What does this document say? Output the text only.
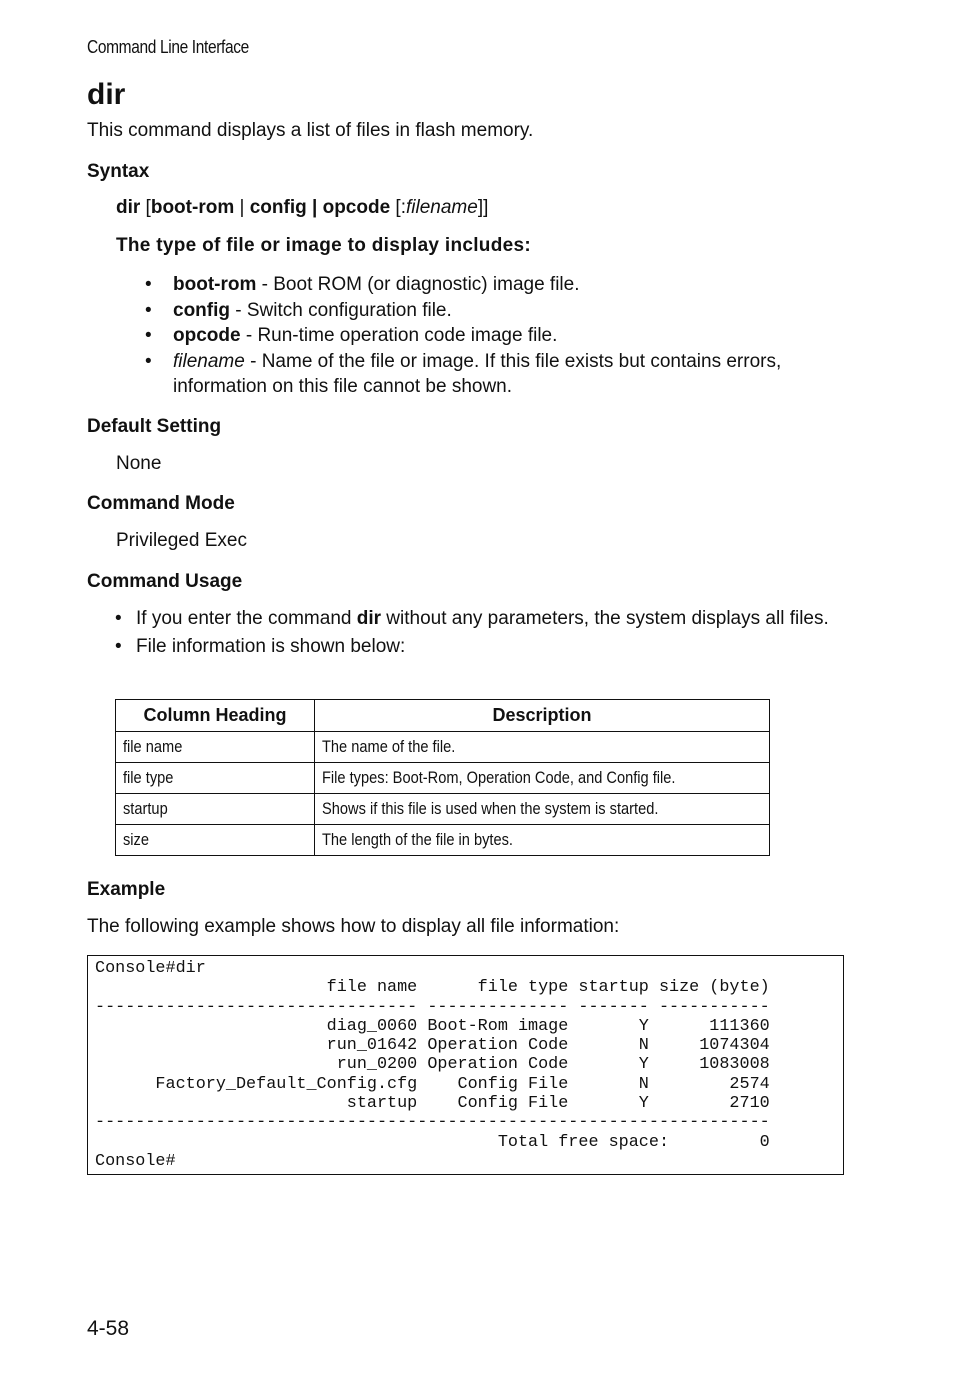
Command Line Interface
dir
This command displays a list of files in flash memory.
Syntax
dir [boot-rom | config | opcode [:filename]]
The type of file or image to display includes:
•	boot-rom - Boot ROM (or diagnostic) image file.
•	config - Switch configuration file.
•	opcode - Run-time operation code image file.
•	filename - Name of the file or image. If this file exists but contains errors, information on this file cannot be shown.
Default Setting
None
Command Mode
Privileged Exec
Command Usage
• If you enter the command dir without any parameters, the system displays all files.
• File information is shown below:
Column Heading	Description
file name	The name of the file.
file type	File types: Boot-Rom, Operation Code, and Config file.
startup	Shows if this file is used when the system is started.
size	The length of the file in bytes.
Example
The following example shows how to display all file information:
Console#dir
file name      file type startup size (byte)
-------------------------------- -------------- ------- -----------
diag_0060 Boot-Rom image       Y      111360
run_01642 Operation Code       N     1074304
run_0200 Operation Code       Y     1083008
Factory_Default_Config.cfg    Config File       N        2574
startup    Config File       Y        2710
-------------------------------------------------------------------
Total free space:         0
Console#
4-58
